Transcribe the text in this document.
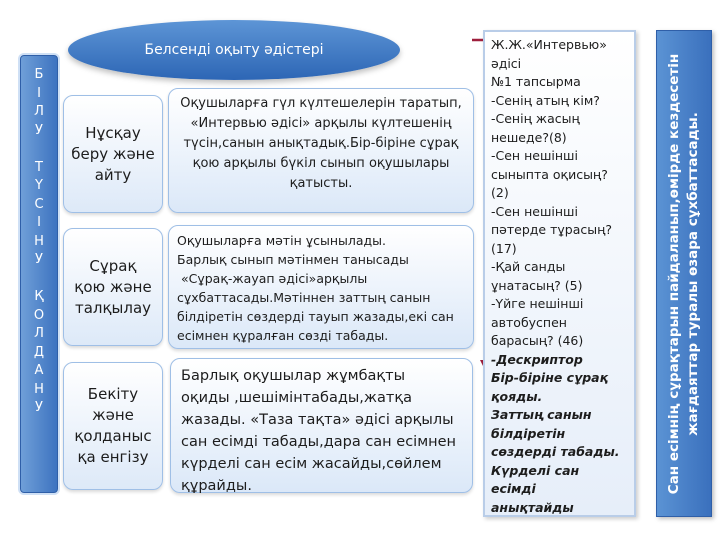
Б
І
Л
У
Т
Ү
С
І
Н
У
Қ
О
Л
Д
А
Н
У
Белсенді оқыту әдістері
Нұсқау
беру және
айту
Оқушыларға гүл күлтешелерін таратып,
«Интервью әдісі» арқылы күлтешенің
түсін,санын анықтадық.Бір-біріне сұрақ
қою арқылы бүкіл сынып оқушылары
қатысты.
Сұрақ
қою және
талқылау
Оқушыларға мәтін ұсынылады.
Барлық сынып мәтінмен танысады
«Сұрақ-жауап әдісі»арқылы
сұхбаттасады.Мәтіннен заттың санын
білдіретін сөздерді тауып жазады,екі сан
есімнен құралған сөзді табады.
Бекіту
және
қолданыс
қа енгізу
Барлық оқушылар жұмбақты
оқиды ,шешімінтабады,жатқа
жазады. «Таза тақта» әдісі арқылы
сан есімді табады,дара сан есімнен
күрделі сан есім жасайды,сөйлем
құрайды.
Ж.Ж.«Интервью»
әдісі
№1 тапсырма
-Сенің атың кім?
-Сенің жасың
нешеде?(8)
-Сен нешінші
сыныпта оқисың?
(2)
-Сен нешінші
пәтерде тұрасың?
(17)
-Қай санды
ұнатасың? (5)
-Үйге нешінші
автобуспен
барасың? (46)
-Дескриптор
Бір-біріне сұрақ
қояды.
Заттың санын
білдіретін
сөздерді табады.
Күрделі сан есімді
анықтайды
Сан есімнің сұрақтарын пайдаланып,өмірде кездесетін жағдаяттар туралы өзара сұхбаттасады.
